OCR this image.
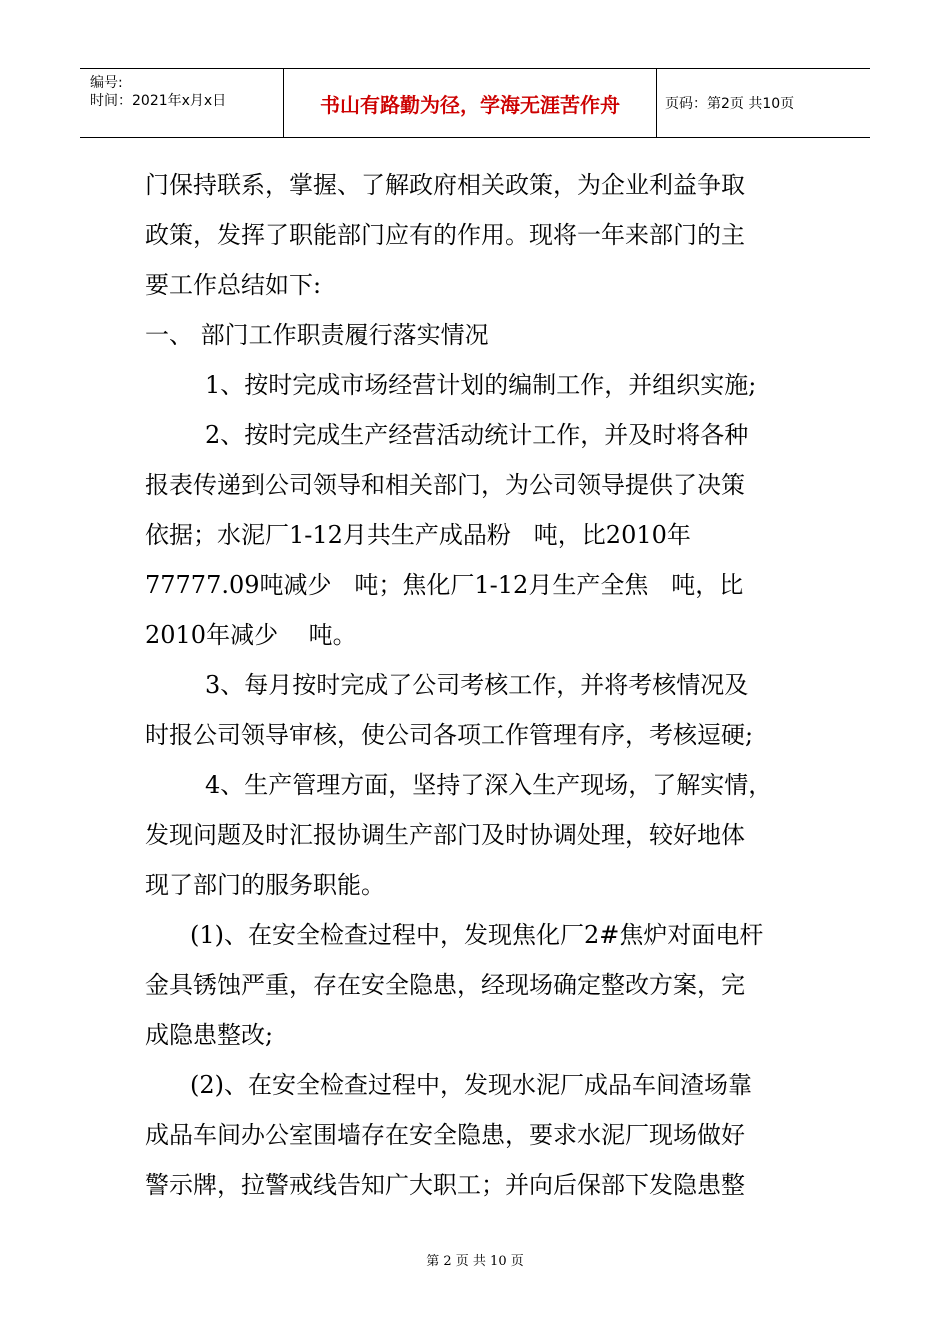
编号:
时间：2021年x月x日	书山有路勤为径，学海无涯苦作舟	页码：第2页 共10页
门保持联系，掌握、了解政府相关政策，为企业利益争取
政策，发挥了职能部门应有的作用。现将一年来部门的主
要工作总结如下:
一、 部门工作职责履行落实情况
1、按时完成市场经营计划的编制工作，并组织实施;
2、按时完成生产经营活动统计工作，并及时将各种
报表传递到公司领导和相关部门，为公司领导提供了决策
依据；水泥厂1-12月共生产成品粉   吨，比2010年
77777.09吨减少   吨；焦化厂1-12月生产全焦   吨，比
2010年减少    吨。
3、每月按时完成了公司考核工作，并将考核情况及
时报公司领导审核，使公司各项工作管理有序，考核逗硬;
4、生产管理方面，坚持了深入生产现场，了解实情，
发现问题及时汇报协调生产部门及时协调处理，较好地体
现了部门的服务职能。
(1)、在安全检查过程中，发现焦化厂2#焦炉对面电杆
金具锈蚀严重，存在安全隐患，经现场确定整改方案，完
成隐患整改;
(2)、在安全检查过程中，发现水泥厂成品车间渣场靠
成品车间办公室围墙存在安全隐患，要求水泥厂现场做好
警示牌，拉警戒线告知广大职工；并向后保部下发隐患整
第 2 页 共 10 页
